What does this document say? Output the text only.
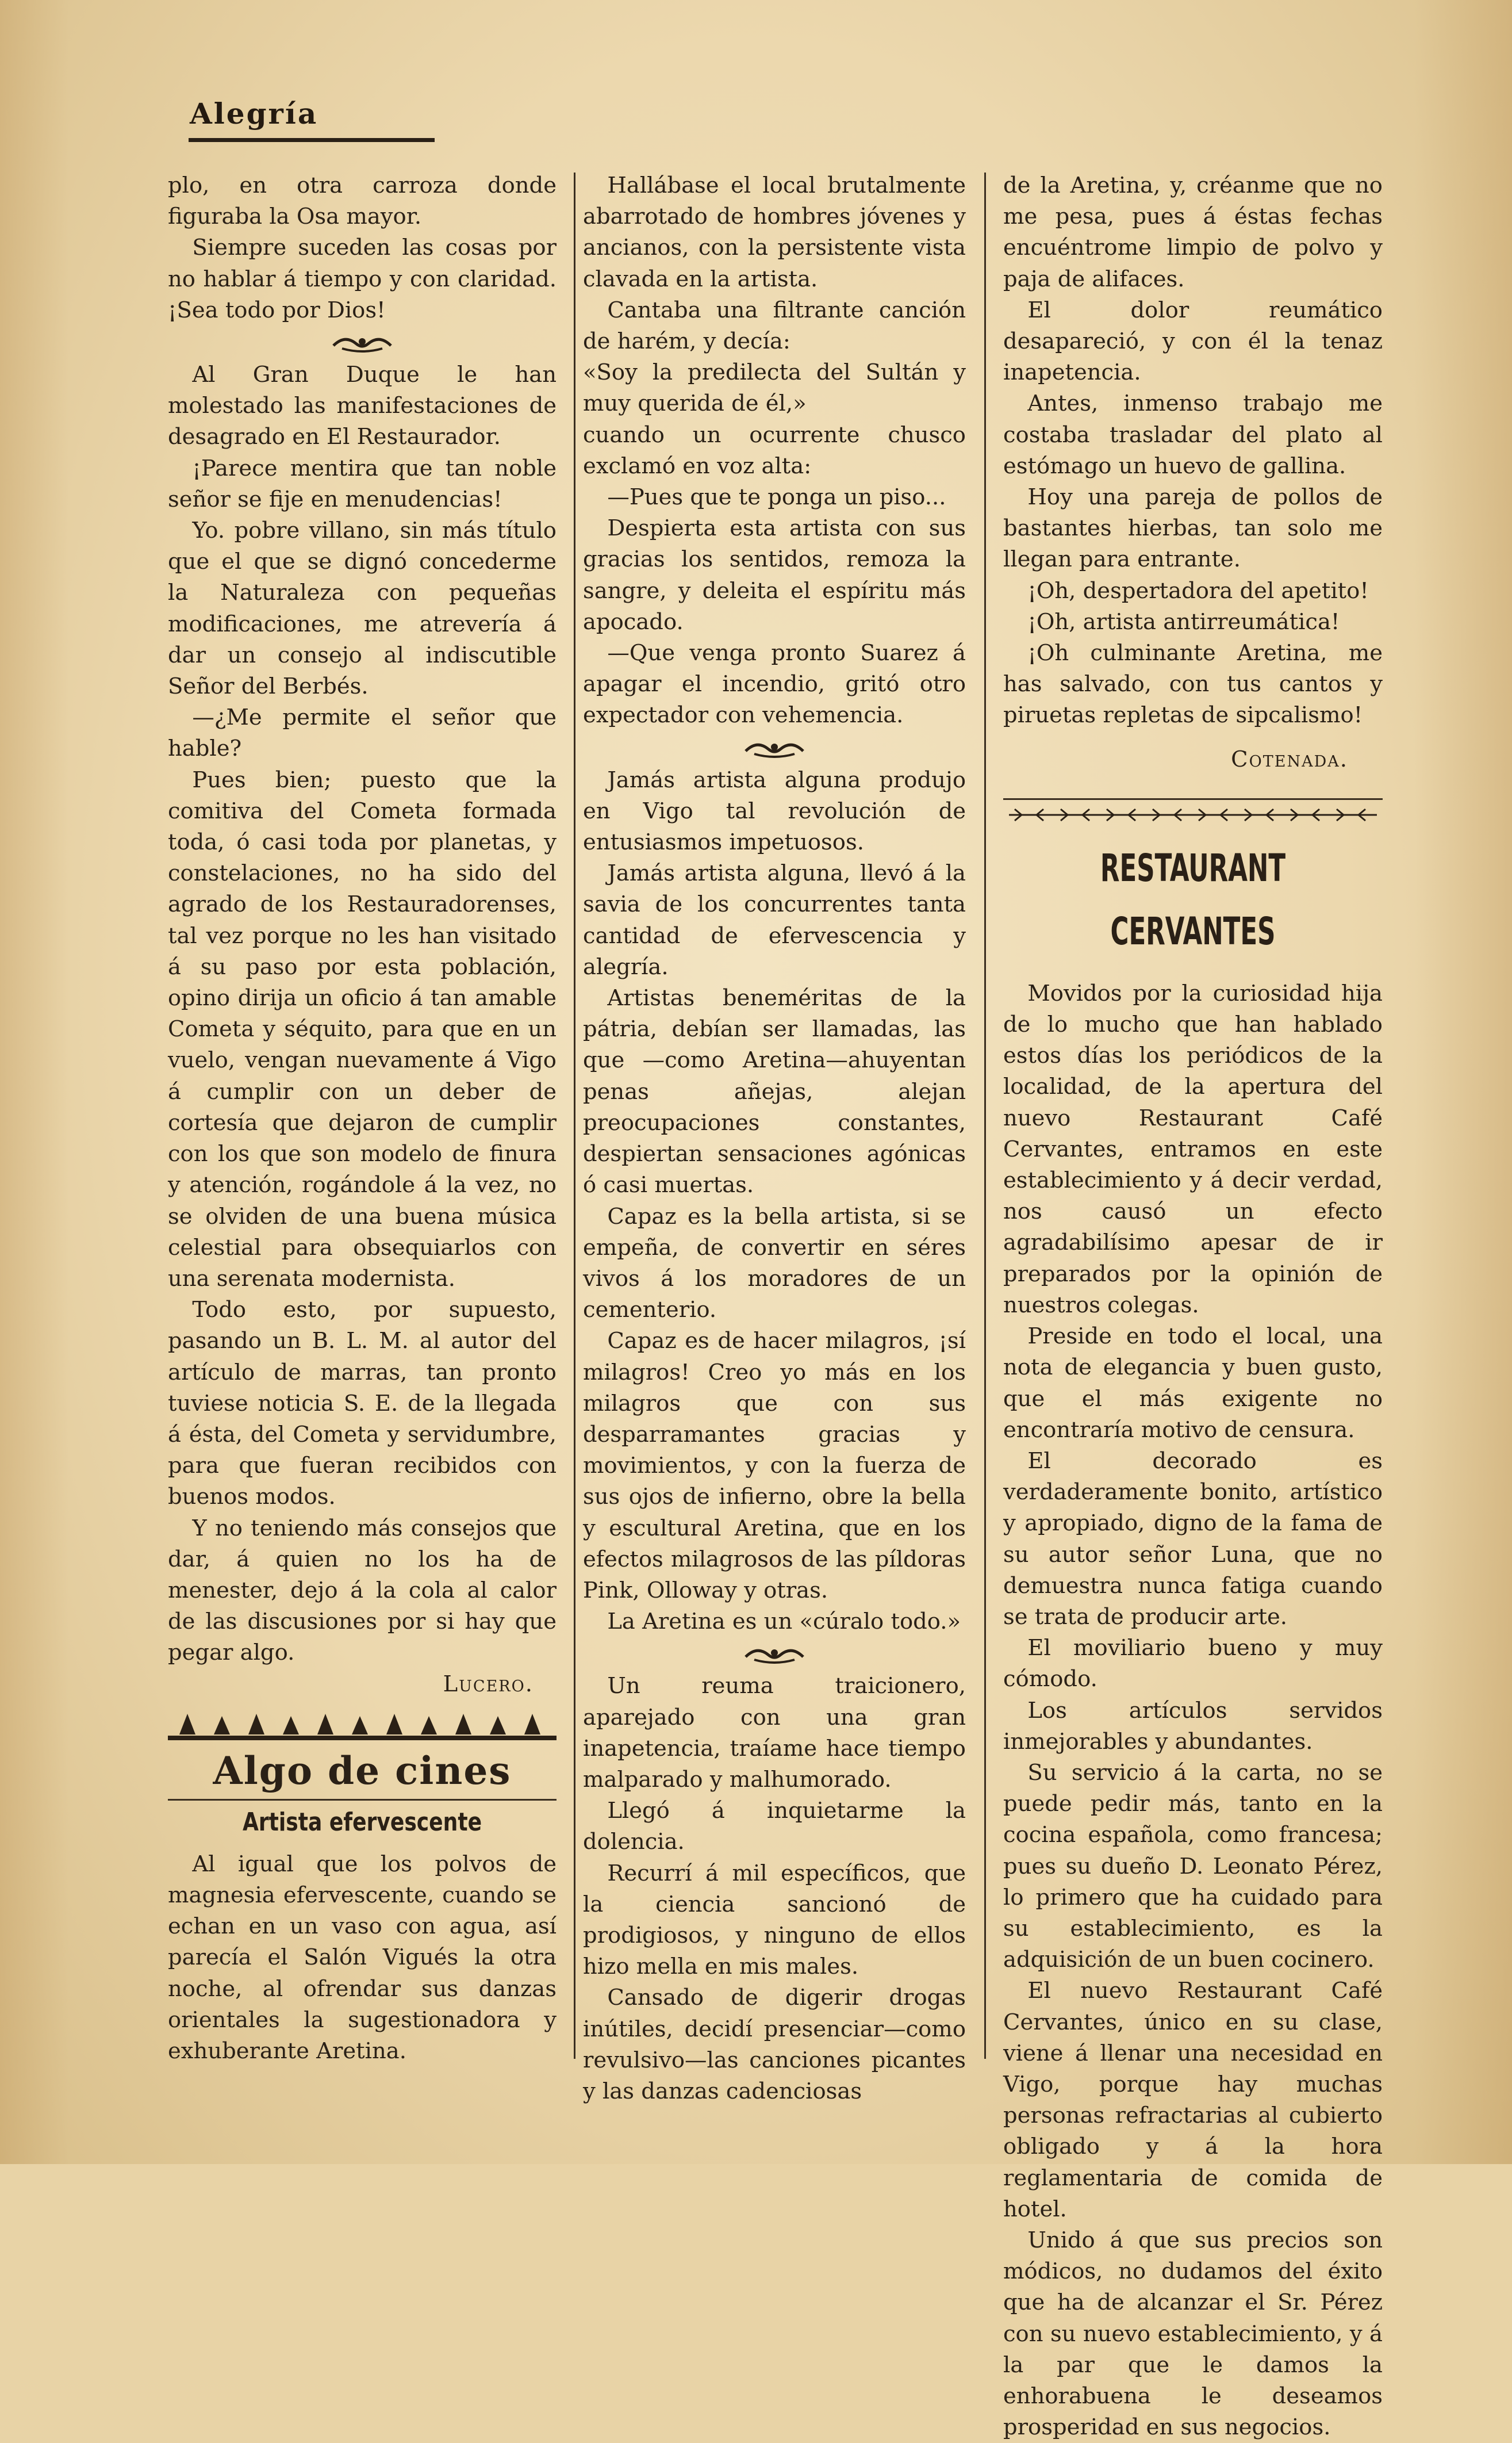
Alegría

plo, en otra carroza donde figuraba la Osa mayor.

Siempre suceden las cosas por no hablar á tiempo y con claridad. ¡Sea todo por Dios!

Al Gran Duque le han molestado las manifestaciones de desagrado en El Restaurador.

¡Parece mentira que tan noble señor se fije en menudencias!

Yo. pobre villano, sin más título que el que se dignó concederme la Naturaleza con pequeñas modificaciones, me atrevería á dar un consejo al indiscutible Señor del Berbés.

—¿Me permite el señor que hable?

Pues bien; puesto que la comitiva del Cometa formada toda, ó casi toda por planetas, y constelaciones, no ha sido del agrado de los Restauradorenses, tal vez porque no les han visitado á su paso por esta población, opino dirija un oficio á tan amable Cometa y séquito, para que en un vuelo, vengan nuevamente á Vigo á cumplir con un deber de cortesía que dejaron de cumplir con los que son modelo de finura y atención, rogándole á la vez, no se olviden de una buena música celestial para obsequiarlos con una serenata modernista.

Todo esto, por supuesto, pasando un B. L. M. al autor del artículo de marras, tan pronto tuviese noticia S. E. de la llegada á ésta, del Cometa y servidumbre, para que fueran recibidos con buenos modos.

Y no teniendo más consejos que dar, á quien no los ha de menester, dejo á la cola al calor de las discusiones por si hay que pegar algo.

Lucero.
Algo de cines
Artista efervescente

Al igual que los polvos de magnesia efervescente, cuando se echan en un vaso con agua, así parecía el Salón Vigués la otra noche, al ofrendar sus danzas orientales la sugestionadora y exhuberante Aretina.

Hallábase el local brutalmente abarrotado de hombres jóvenes y ancianos, con la persistente vista clavada en la artista.

Cantaba una filtrante canción de harém, y decía:

«Soy la predilecta del Sultán y muy querida de él,»

cuando un ocurrente chusco exclamó en voz alta:

—Pues que te ponga un piso...

Despierta esta artista con sus gracias los sentidos, remoza la sangre, y deleita el espíritu más apocado.

—Que venga pronto Suarez á apagar el incendio, gritó otro expectador con vehemencia.

Jamás artista alguna produjo en Vigo tal revolución de entusiasmos impetuosos.

Jamás artista alguna, llevó á la savia de los concurrentes tanta cantidad de efervescencia y alegría.

Artistas beneméritas de la pátria, debían ser llamadas, las que —como Aretina—ahuyentan penas añejas, alejan preocupaciones constantes, despiertan sensaciones agónicas ó casi muertas.

Capaz es la bella artista, si se empeña, de convertir en séres vivos á los moradores de un cementerio.

Capaz es de hacer milagros, ¡sí milagros! Creo yo más en los milagros que con sus desparramantes gracias y movimientos, y con la fuerza de sus ojos de infierno, obre la bella y escultural Aretina, que en los efectos milagrosos de las píldoras Pink, Olloway y otras.

La Aretina es un «cúralo todo.»

Un reuma traicionero, aparejado con una gran inapetencia, traíame hace tiempo malparado y malhumorado.

Llegó á inquietarme la dolencia.

Recurrí á mil específicos, que la ciencia sancionó de prodigiosos, y ninguno de ellos hizo mella en mis males.

Cansado de digerir drogas inútiles, decidí presenciar—como revulsivo—las canciones picantes y las danzas cadenciosas

de la Aretina, y, créanme que no me pesa, pues á éstas fechas encuéntrome limpio de polvo y paja de alifaces.

El dolor reumático desapareció, y con él la tenaz inapetencia.

Antes, inmenso trabajo me costaba trasladar del plato al estómago un huevo de gallina.

Hoy una pareja de pollos de bastantes hierbas, tan solo me llegan para entrante.

¡Oh, despertadora del apetito!

¡Oh, artista antirreumática!

¡Oh culminante Aretina, me has salvado, con tus cantos y piruetas repletas de sipcalismo!

Cotenada.
RESTAURANT CERVANTES

Movidos por la curiosidad hija de lo mucho que han hablado estos días los periódicos de la localidad, de la apertura del nuevo Restaurant Café Cervantes, entramos en este establecimiento y á decir verdad, nos causó un efecto agradabilísimo apesar de ir preparados por la opinión de nuestros colegas.

Preside en todo el local, una nota de elegancia y buen gusto, que el más exigente no encontraría motivo de censura.

El decorado es verdaderamente bonito, artístico y apropiado, digno de la fama de su autor señor Luna, que no demuestra nunca fatiga cuando se trata de producir arte.

El moviliario bueno y muy cómodo.

Los artículos servidos inmejorables y abundantes.

Su servicio á la carta, no se puede pedir más, tanto en la cocina española, como francesa; pues su dueño D. Leonato Pérez, lo primero que ha cuidado para su establecimiento, es la adquisición de un buen cocinero.

El nuevo Restaurant Café Cervantes, único en su clase, viene á llenar una necesidad en Vigo, porque hay muchas personas refractarias al cubierto obligado y á la hora reglamentaria de comida de hotel.

Unido á que sus precios son módicos, no dudamos del éxito que ha de alcanzar el Sr. Pérez con su nuevo establecimiento, y á la par que le damos la enhorabuena le deseamos prosperidad en sus negocios.
